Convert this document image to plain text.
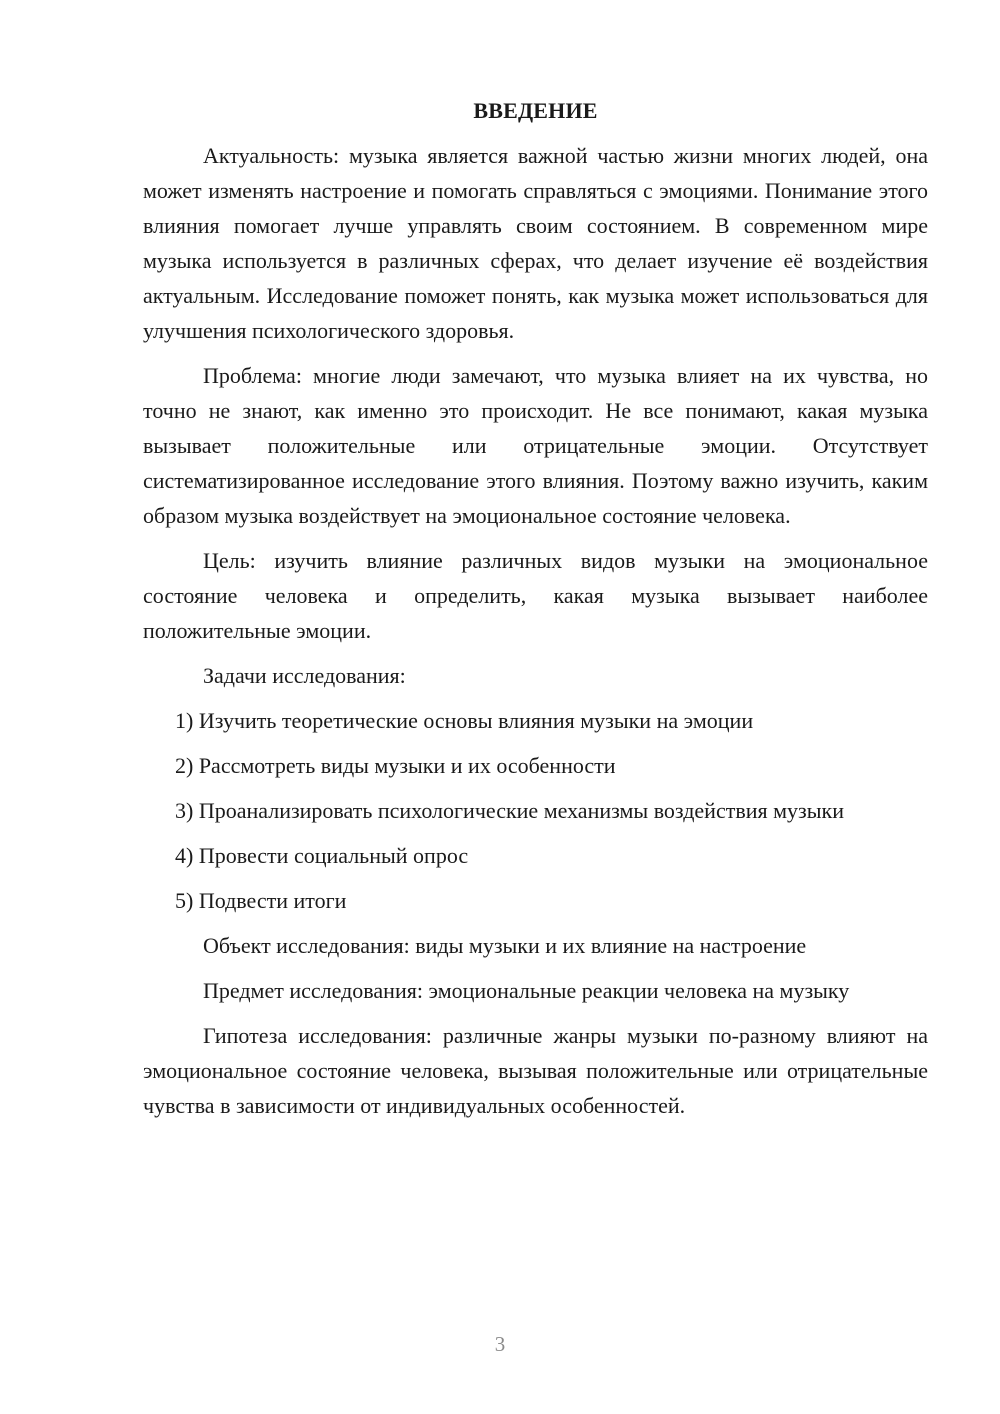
ВВЕДЕНИЕ

Актуальность: музыка является важной частью жизни многих людей, она может изменять настроение и помогать справляться с эмоциями. Понимание этого влияния помогает лучше управлять своим состоянием. В современном мире музыка используется в различных сферах, что делает изучение её воздействия актуальным. Исследование поможет понять, как музыка может использоваться для улучшения психологического здоровья.

Проблема: многие люди замечают, что музыка влияет на их чувства, но точно не знают, как именно это происходит. Не все понимают, какая музыка вызывает положительные или отрицательные эмоции. Отсутствует систематизированное исследование этого влияния. Поэтому важно изучить, каким образом музыка воздействует на эмоциональное состояние человека.

Цель: изучить влияние различных видов музыки на эмоциональное состояние человека и определить, какая музыка вызывает наиболее положительные эмоции.

Задачи исследования:

1) Изучить теоретические основы влияния музыки на эмоции

2) Рассмотреть виды музыки и их особенности

3) Проанализировать психологические механизмы воздействия музыки

4) Провести социальный опрос

5) Подвести итоги

Объект исследования: виды музыки и их влияние на настроение

Предмет исследования: эмоциональные реакции человека на музыку

Гипотеза исследования: различные жанры музыки по-разному влияют на эмоциональное состояние человека, вызывая положительные или отрицательные чувства в зависимости от индивидуальных особенностей.

3
